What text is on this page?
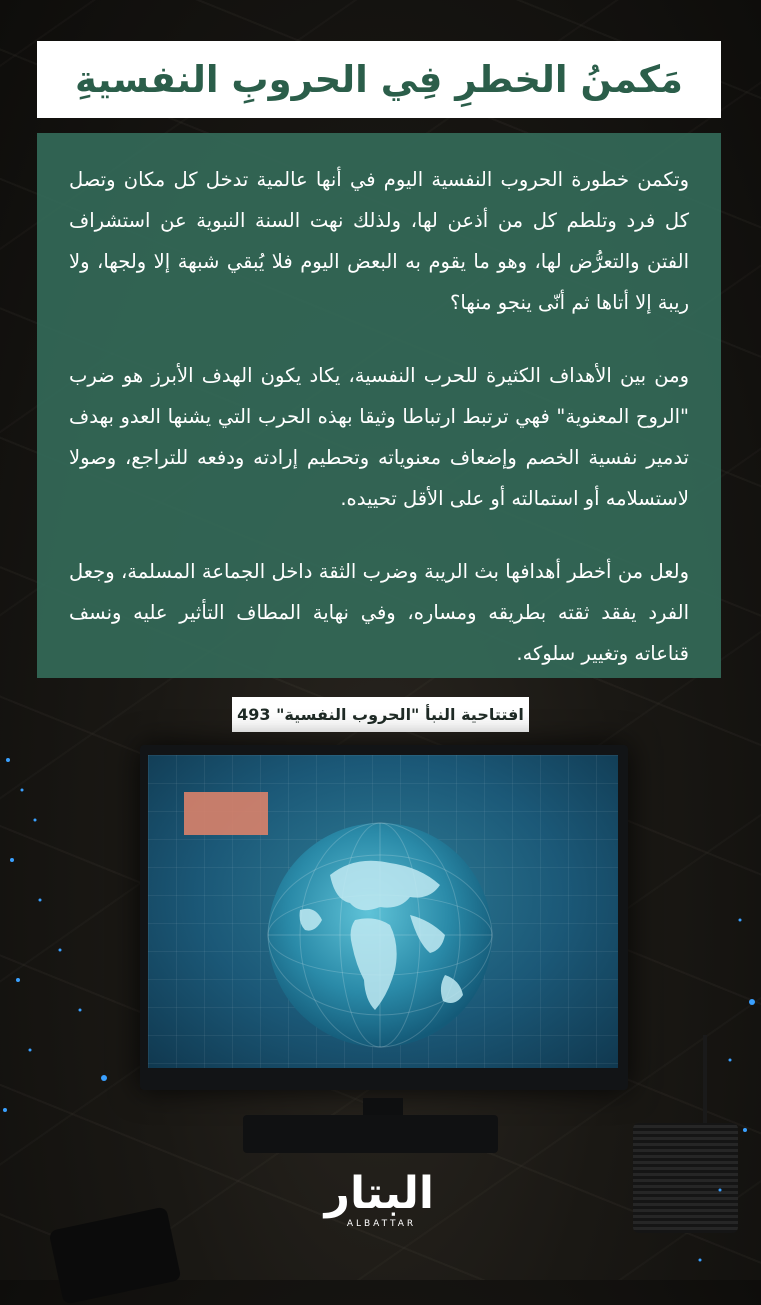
مَكمنُ الخطرِ فِي الحروبِ النفسيةِ

وتكمن خطورة الحروب النفسية اليوم في أنها عالمية تدخل كل مكان وتصل كل فرد وتلطم كل من أذعن لها، ولذلك نهت السنة النبوية عن استشراف الفتن والتعرُّض لها، وهو ما يقوم به البعض اليوم فلا يُبقي شبهة إلا ولجها، ولا ريبة إلا أتاها ثم أنّى ينجو منها؟

ومن بين الأهداف الكثيرة للحرب النفسية، يكاد يكون الهدف الأبرز هو ضرب "الروح المعنوية" فهي ترتبط ارتباطا وثيقا بهذه الحرب التي يشنها العدو بهدف تدمير نفسية الخصم وإضعاف معنوياته وتحطيم إرادته ودفعه للتراجع، وصولا لاستسلامه أو استمالته أو على الأقل تحييده.

ولعل من أخطر أهدافها بث الريبة وضرب الثقة داخل الجماعة المسلمة، وجعل الفرد يفقد ثقته بطريقه ومساره، وفي نهاية المطاف التأثير عليه ونسف قناعاته وتغيير سلوكه.

افتتاحية النبأ "الحروب النفسية" 493
البتار
ALBATTAR
